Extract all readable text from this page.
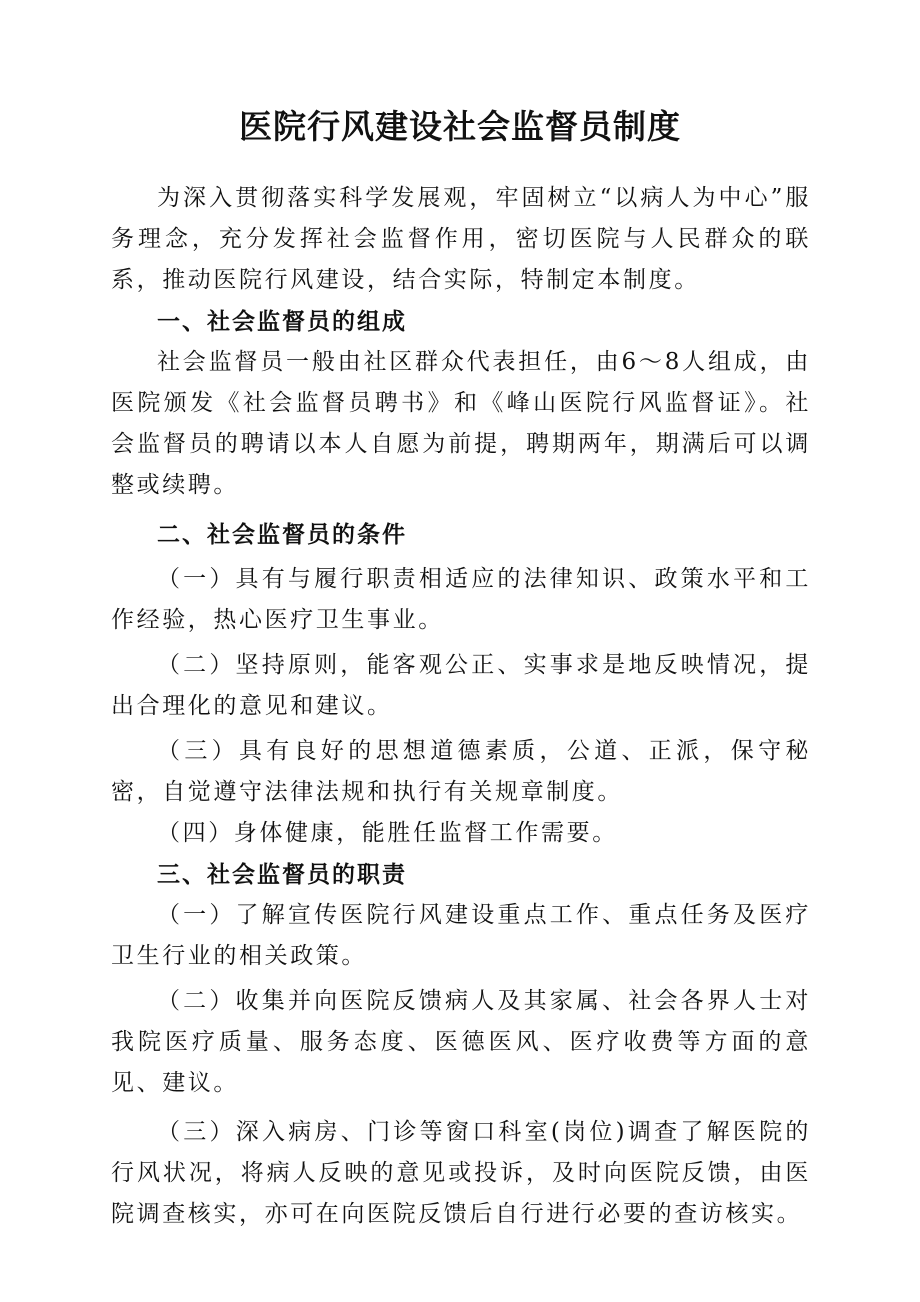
医院行风建设社会监督员制度

为深入贯彻落实科学发展观，牢固树立“以病人为中心”服务理念，充分发挥社会监督作用，密切医院与人民群众的联系，推动医院行风建设，结合实际，特制定本制度。

一、社会监督员的组成

社会监督员一般由社区群众代表担任，由6～8人组成，由医院颁发《社会监督员聘书》和《峰山医院行风监督证》。社会监督员的聘请以本人自愿为前提，聘期两年，期满后可以调整或续聘。

二、社会监督员的条件

（一）具有与履行职责相适应的法律知识、政策水平和工作经验，热心医疗卫生事业。

（二）坚持原则，能客观公正、实事求是地反映情况，提出合理化的意见和建议。

（三）具有良好的思想道德素质，公道、正派，保守秘密，自觉遵守法律法规和执行有关规章制度。

（四）身体健康，能胜任监督工作需要。

三、社会监督员的职责

（一）了解宣传医院行风建设重点工作、重点任务及医疗卫生行业的相关政策。

（二）收集并向医院反馈病人及其家属、社会各界人士对我院医疗质量、服务态度、医德医风、医疗收费等方面的意见、建议。

（三）深入病房、门诊等窗口科室(岗位)调查了解医院的行风状况，将病人反映的意见或投诉，及时向医院反馈，由医院调查核实，亦可在向医院反馈后自行进行必要的查访核实。
